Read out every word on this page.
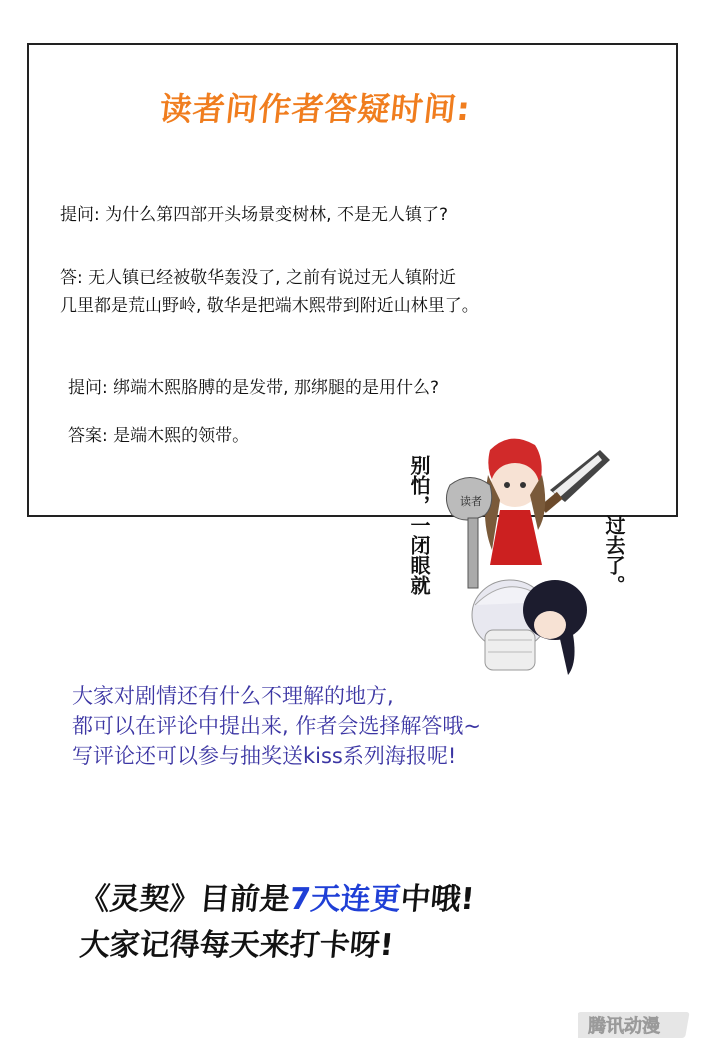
读者问作者答疑时间:
提问: 为什么第四部开头场景变树林, 不是无人镇了?
答: 无人镇已经被敬华轰没了, 之前有说过无人镇附近
几里都是荒山野岭, 敬华是把端木熙带到附近山林里了。
提问: 绑端木熙胳膊的是发带, 那绑腿的是用什么?
答案: 是端木熙的领带。
读者
别怕，一闭眼就	过去了。
大家对剧情还有什么不理解的地方,
都可以在评论中提出来, 作者会选择解答哦~
写评论还可以参与抽奖送kiss系列海报呢!
《灵契》目前是7天连更中哦!
大家记得每天来打卡呀!
腾讯动漫
